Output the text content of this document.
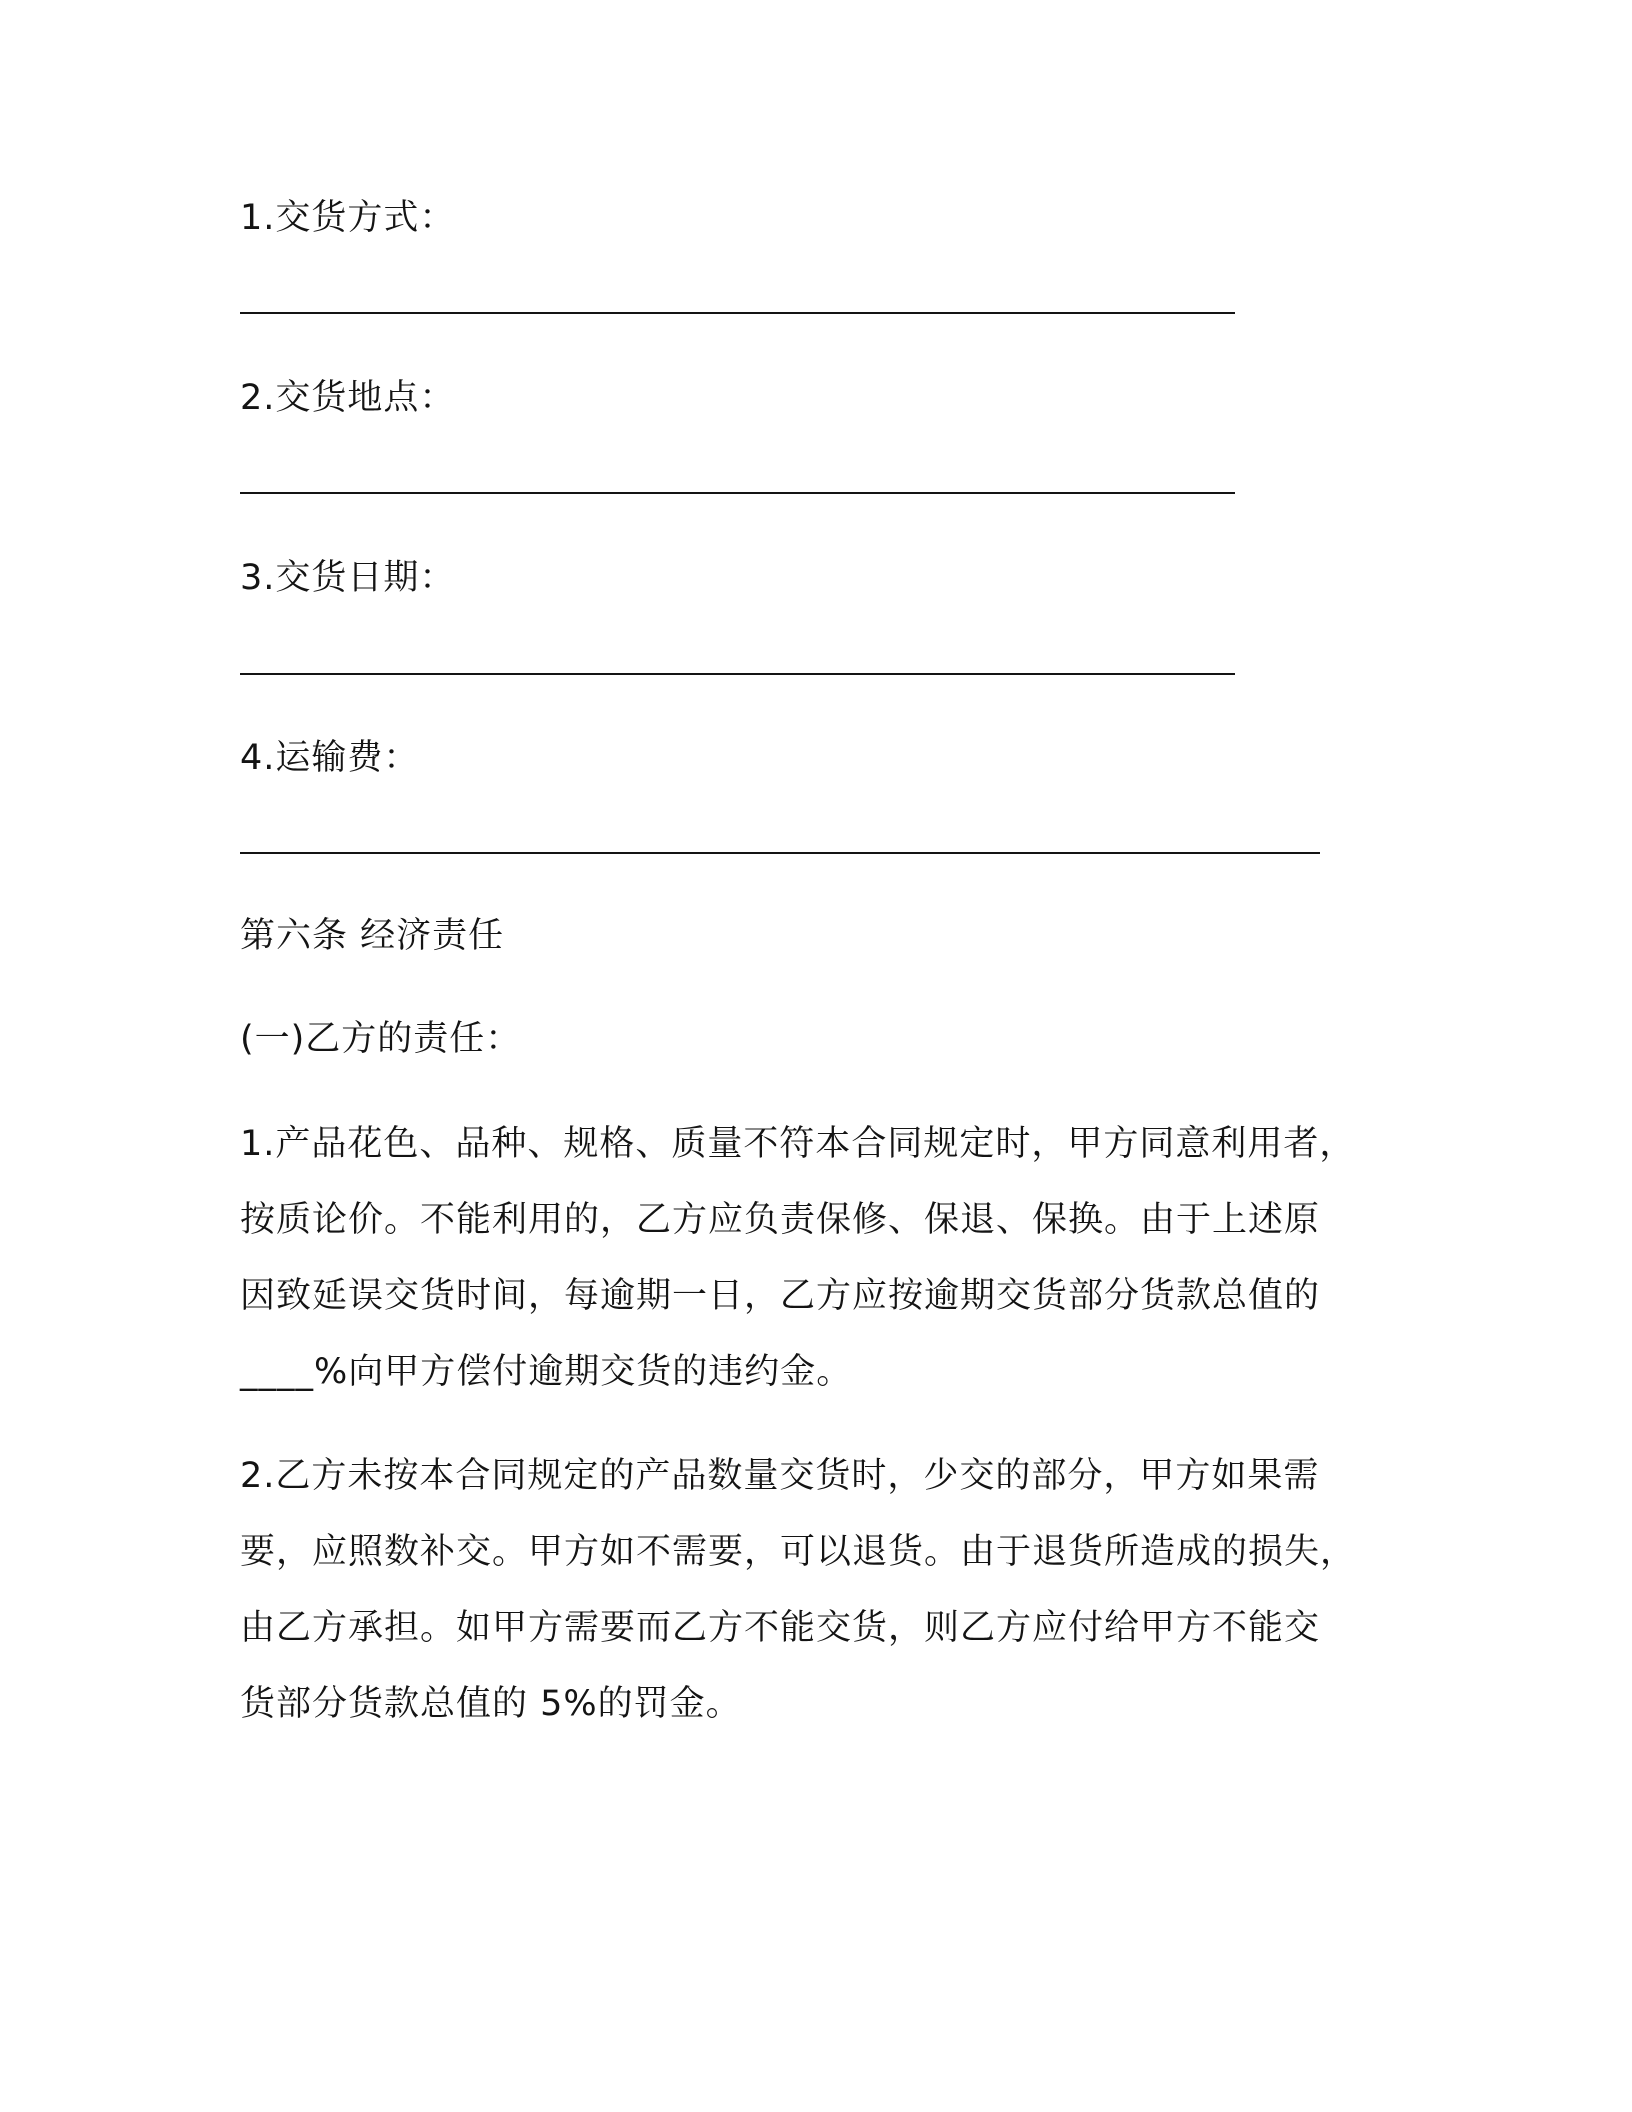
1.交货方式：

2.交货地点：

3.交货日期：

4.运输费：

第六条 经济责任

(一)乙方的责任：

1.产品花色、品种、规格、质量不符本合同规定时，甲方同意利用者，

按质论价。不能利用的，乙方应负责保修、保退、保换。由于上述原

因致延误交货时间，每逾期一日，乙方应按逾期交货部分货款总值的

____%向甲方偿付逾期交货的违约金。

2.乙方未按本合同规定的产品数量交货时，少交的部分，甲方如果需

要，应照数补交。甲方如不需要，可以退货。由于退货所造成的损失，

由乙方承担。如甲方需要而乙方不能交货，则乙方应付给甲方不能交

货部分货款总值的 5%的罚金。
